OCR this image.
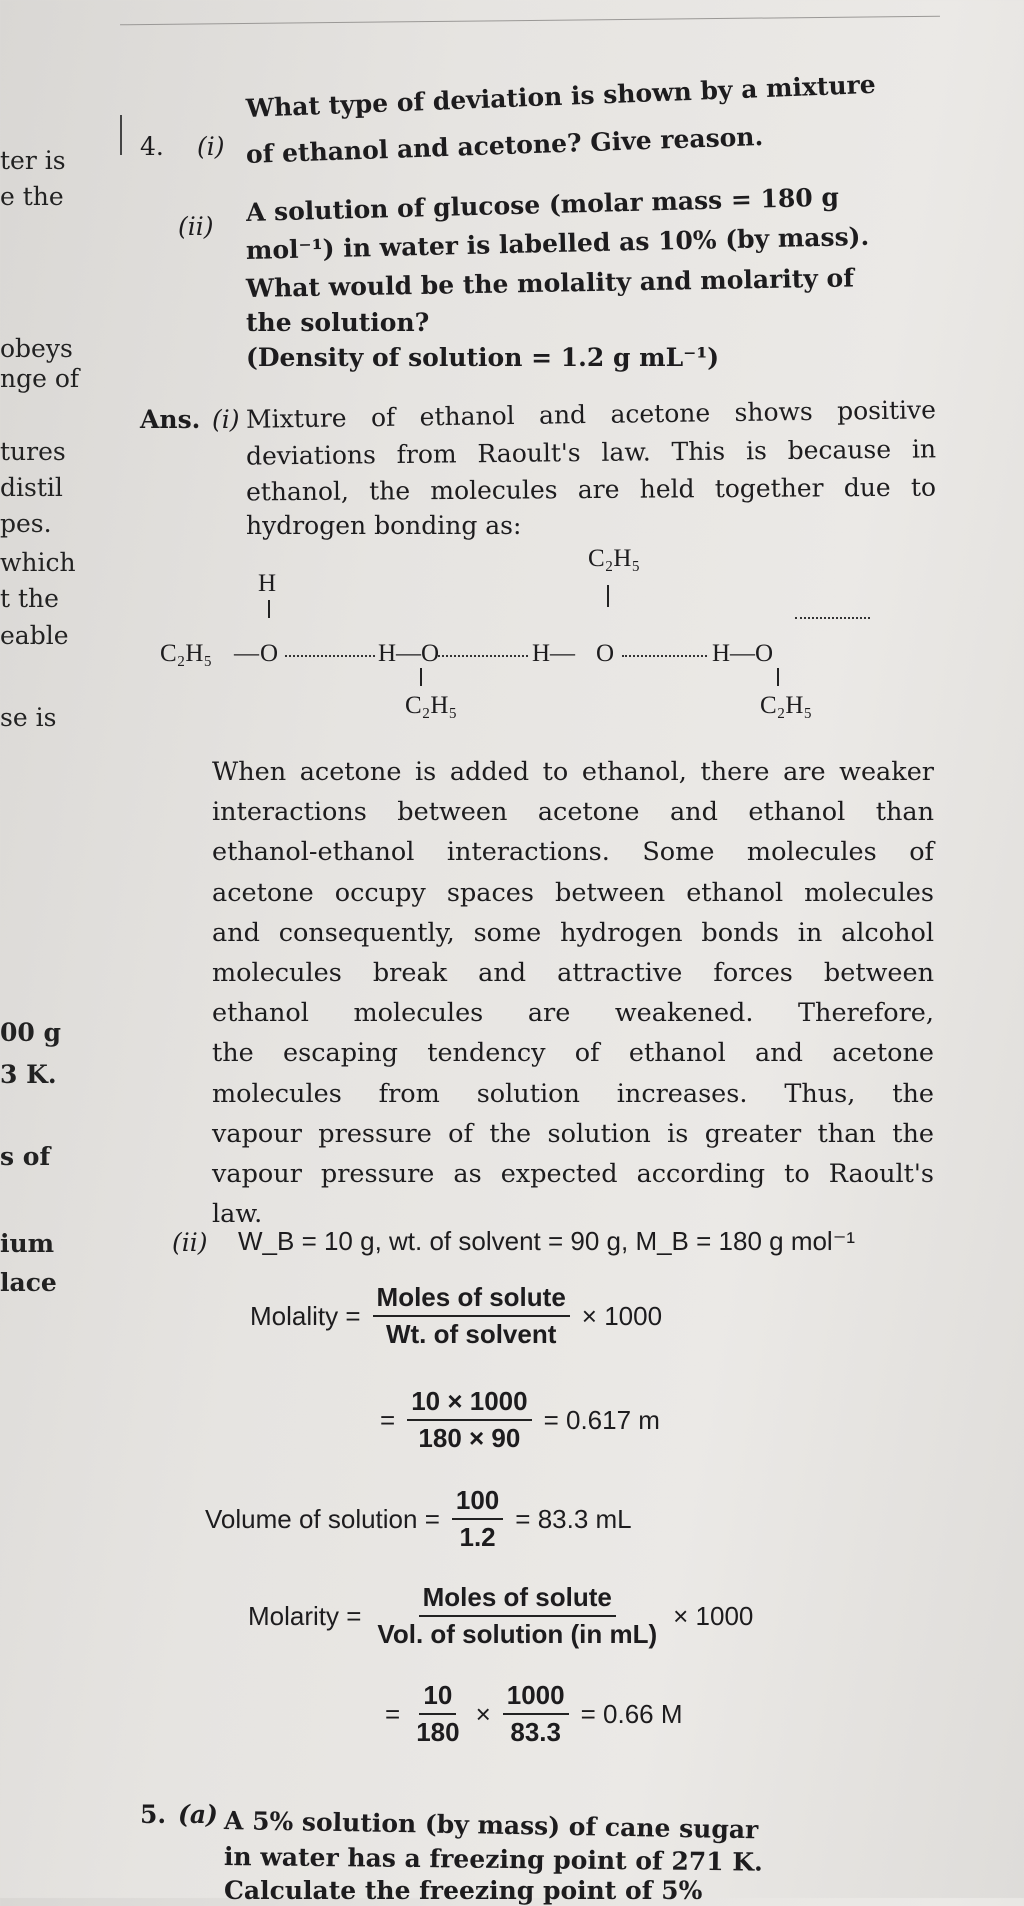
ter is
e the
obeys
nge of
tures
distil
pes.
which
t the
eable
se is
00 g
3 K.
s of
ium
lace
4. (i)
What type of deviation is shown by a mixture
of ethanol and acetone? Give reason.
(ii) A solution of glucose (molar mass = 180 g
mol⁻¹) in water is labelled as 10% (by mass).
What would be the molality and molarity of
the solution?
(Density of solution = 1.2 g mL⁻¹)
Ans. (i) Mixture of ethanol and acetone shows positive
deviations from Raoult's law. This is because in
ethanol, the molecules are held together due to
hydrogen bonding as:
H
C₂H₅ — O	H—O
C₂H₅
H— O
C₂H₅
H—O
C₂H₅
When acetone is added to ethanol, there are weaker
interactions between acetone and ethanol than
ethanol-ethanol interactions. Some molecules of
acetone occupy spaces between ethanol molecules
and consequently, some hydrogen bonds in alcohol
molecules break and attractive forces between
ethanol molecules are weakened. Therefore,
the escaping tendency of ethanol and acetone
molecules from solution increases. Thus, the
vapour pressure of the solution is greater than the
vapour pressure as expected according to Raoult's
law.
(ii) W_B = 10 g, wt. of solvent = 90 g, M_B = 180 g mol⁻¹
Molality = $\frac{\text{Moles of solute}}{\text{Wt. of solvent}} \times 1000$
= $\frac{10 \times 1000}{180 \times 90} = 0.617$ m
Volume of solution = $\frac{100}{1.2} = 83.3$ mL
Molarity = $\frac{\text{Moles of solute}}{\text{Vol. of solution (in mL)}} \times 1000$
= $\frac{10}{180} \times \frac{1000}{83.3} = 0.66$ M
5. (a) A 5% solution (by mass) of cane sugar
in water has a freezing point of 271 K.
Calculate the freezing point of 5%
